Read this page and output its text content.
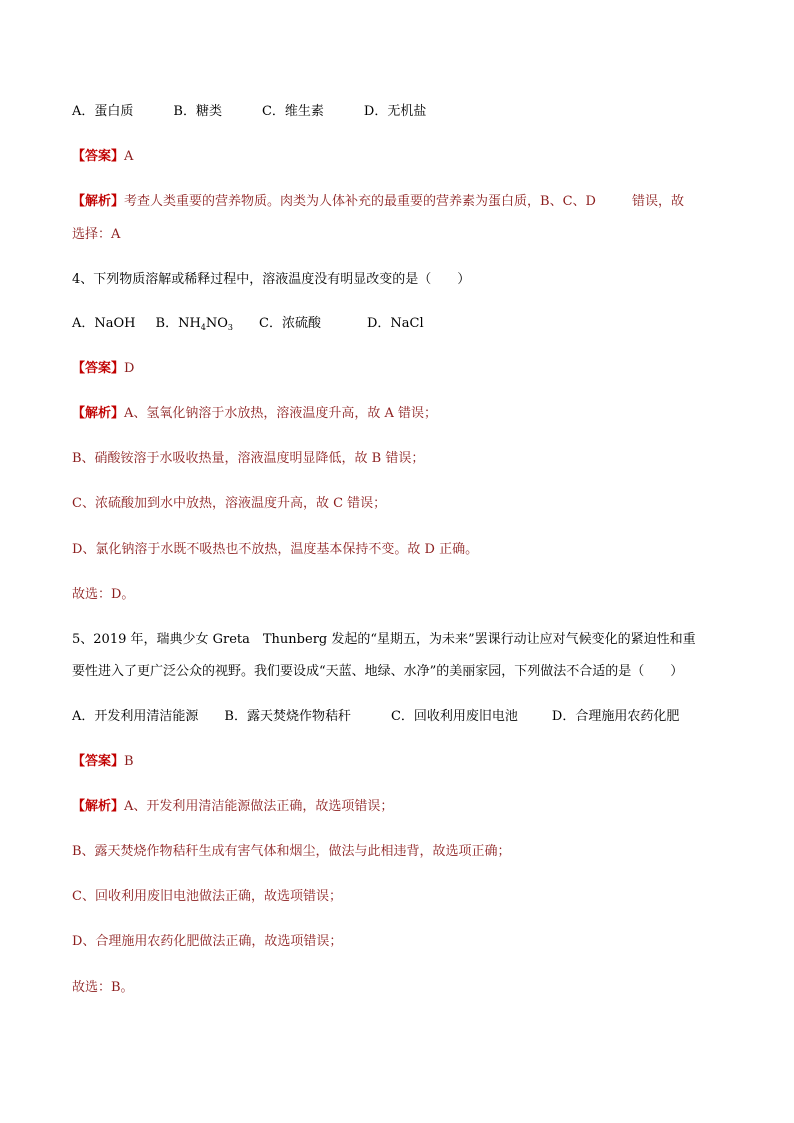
A．蛋白质	B．糖类	C．维生素	D．无机盐
【答案】A
【解析】考查人类重要的营养物质。肉类为人体补充的最重要的营养素为蛋白质，B、C、D	错误，故
选择：A
4、下列物质溶解或稀释过程中，溶液温度没有明显改变的是（　　）
A．NaOH B．$NH_4NO_3$ C．浓硫酸	D．NaCl
【答案】D
【解析】A、氢氧化钠溶于水放热，溶液温度升高，故 A 错误；
B、硝酸铵溶于水吸收热量，溶液温度明显降低，故 B 错误；
C、浓硫酸加到水中放热，溶液温度升高，故 C 错误；
D、氯化钠溶于水既不吸热也不放热，温度基本保持不变。故 D 正确。
故选：D。
5、2019 年，瑞典少女 Greta　Thunberg 发起的“星期五，为未来”罢课行动让应对气候变化的紧迫性和重
要性进入了更广泛公众的视野。我们要设成“天蓝、地绿、水净”的美丽家园，下列做法不合适的是（　　）
A．开发利用清洁能源 B．露天焚烧作物秸秆	C．回收利用废旧电池	D．合理施用农药化肥
【答案】B
【解析】A、开发利用清洁能源做法正确，故选项错误；
B、露天焚烧作物秸秆生成有害气体和烟尘，做法与此相违背，故选项正确；
C、回收利用废旧电池做法正确，故选项错误；
D、合理施用农药化肥做法正确，故选项错误；
故选：B。
